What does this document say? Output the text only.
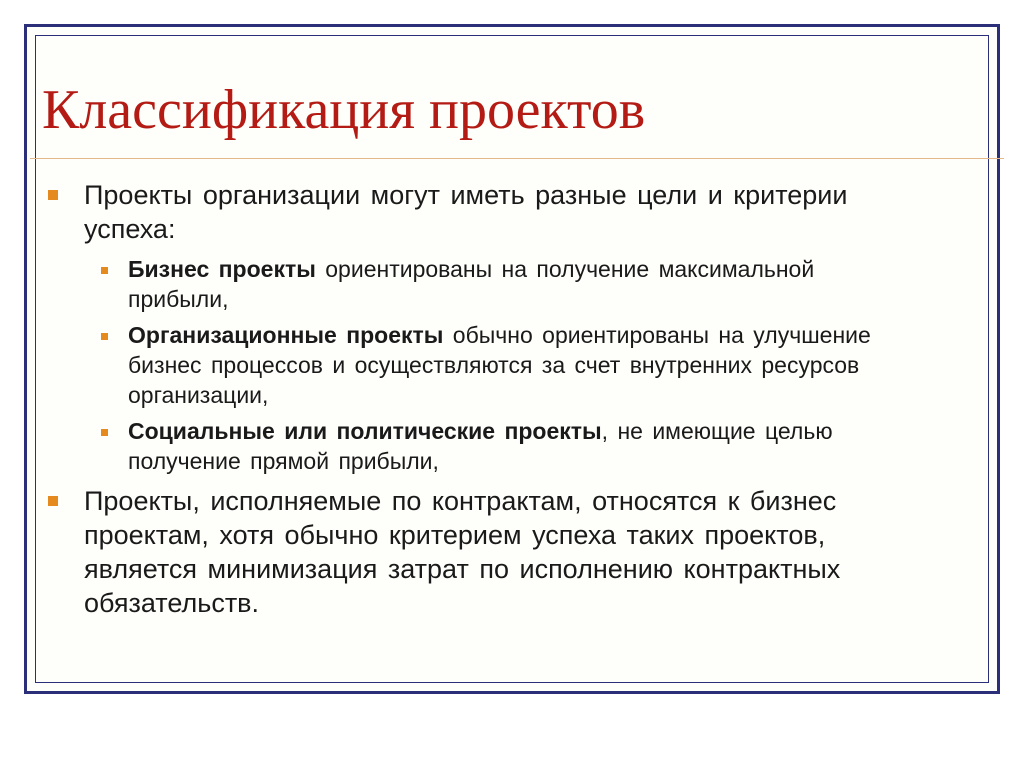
Классификация проектов
Проекты организации могут иметь разные цели и критерии успеха:
Бизнес проекты ориентированы на получение максимальной прибыли,
Организационные проекты обычно ориентированы на улучшение бизнес процессов и осуществляются за счет внутренних ресурсов организации,
Социальные или политические проекты, не имеющие целью получение прямой прибыли,
Проекты, исполняемые по контрактам, относятся к бизнес проектам, хотя обычно критерием успеха таких проектов, является минимизация затрат по исполнению контрактных обязательств.
